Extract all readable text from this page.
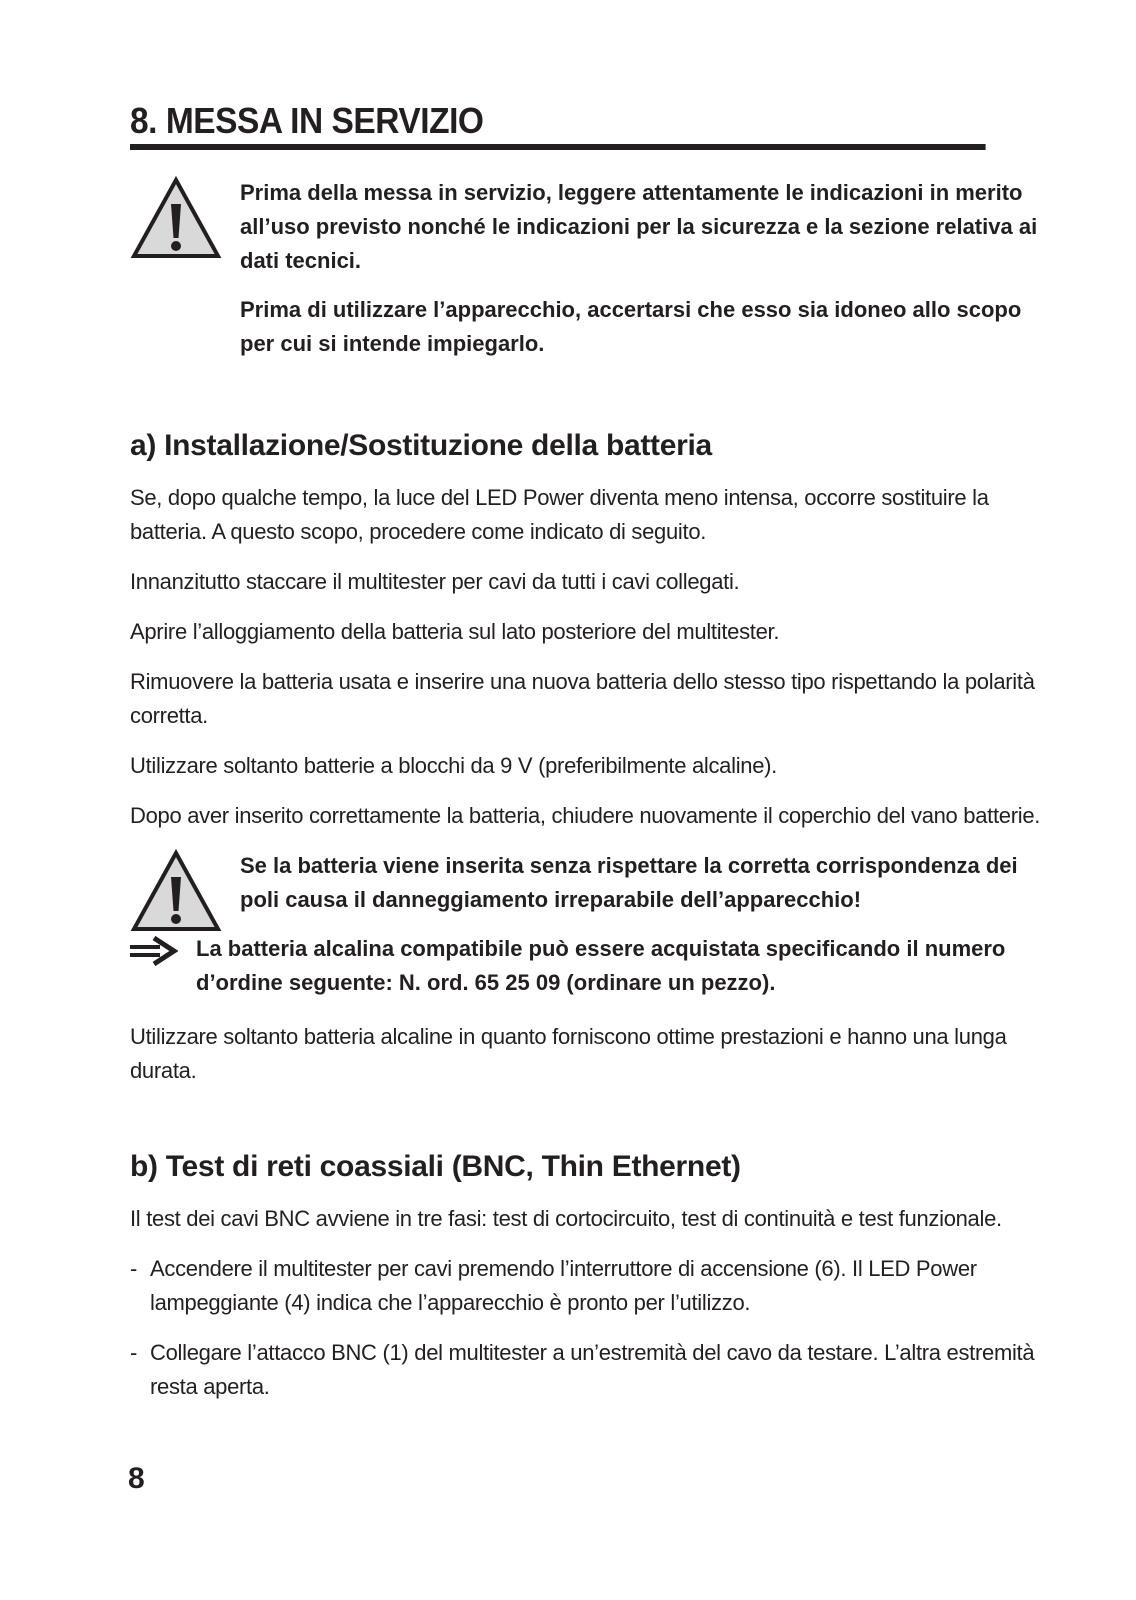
8. MESSA IN SERVIZIO

Prima della messa in servizio, leggere attentamente le indicazioni in merito all’uso previsto nonché le indicazioni per la sicurezza e la sezione relativa ai dati tecnici.

Prima di utilizzare l’apparecchio, accertarsi che esso sia idoneo allo scopo per cui si intende impiegarlo.

a) Installazione/Sostituzione della batteria

Se, dopo qualche tempo, la luce del LED Power diventa meno intensa, occorre sostituire la batteria. A questo scopo, procedere come indicato di seguito.

Innanzitutto staccare il multitester per cavi da tutti i cavi collegati.

Aprire l’alloggiamento della batteria sul lato posteriore del multitester.

Rimuovere la batteria usata e inserire una nuova batteria dello stesso tipo rispettando la polarità corretta.

Utilizzare soltanto batterie a blocchi da 9 V (preferibilmente alcaline).

Dopo aver inserito correttamente la batteria, chiudere nuovamente il coperchio del vano batterie.

Se la batteria viene inserita senza rispettare la corretta corrispondenza dei poli causa il danneggiamento irreparabile dell’apparecchio!

La batteria alcalina compatibile può essere acquistata specificando il numero d’ordine seguente: N. ord. 65 25 09 (ordinare un pezzo).

Utilizzare soltanto batteria alcaline in quanto forniscono ottime prestazioni e hanno una lunga durata.

b) Test di reti coassiali (BNC, Thin Ethernet)

Il test dei cavi BNC avviene in tre fasi: test di cortocircuito, test di continuità e test funzionale.

- Accendere il multitester per cavi premendo l’interruttore di accensione (6). Il LED Power lampeggiante (4) indica che l’apparecchio è pronto per l’utilizzo.
- Collegare l’attacco BNC (1) del multitester a un’estremità del cavo da testare. L’altra estremità resta aperta.
8
